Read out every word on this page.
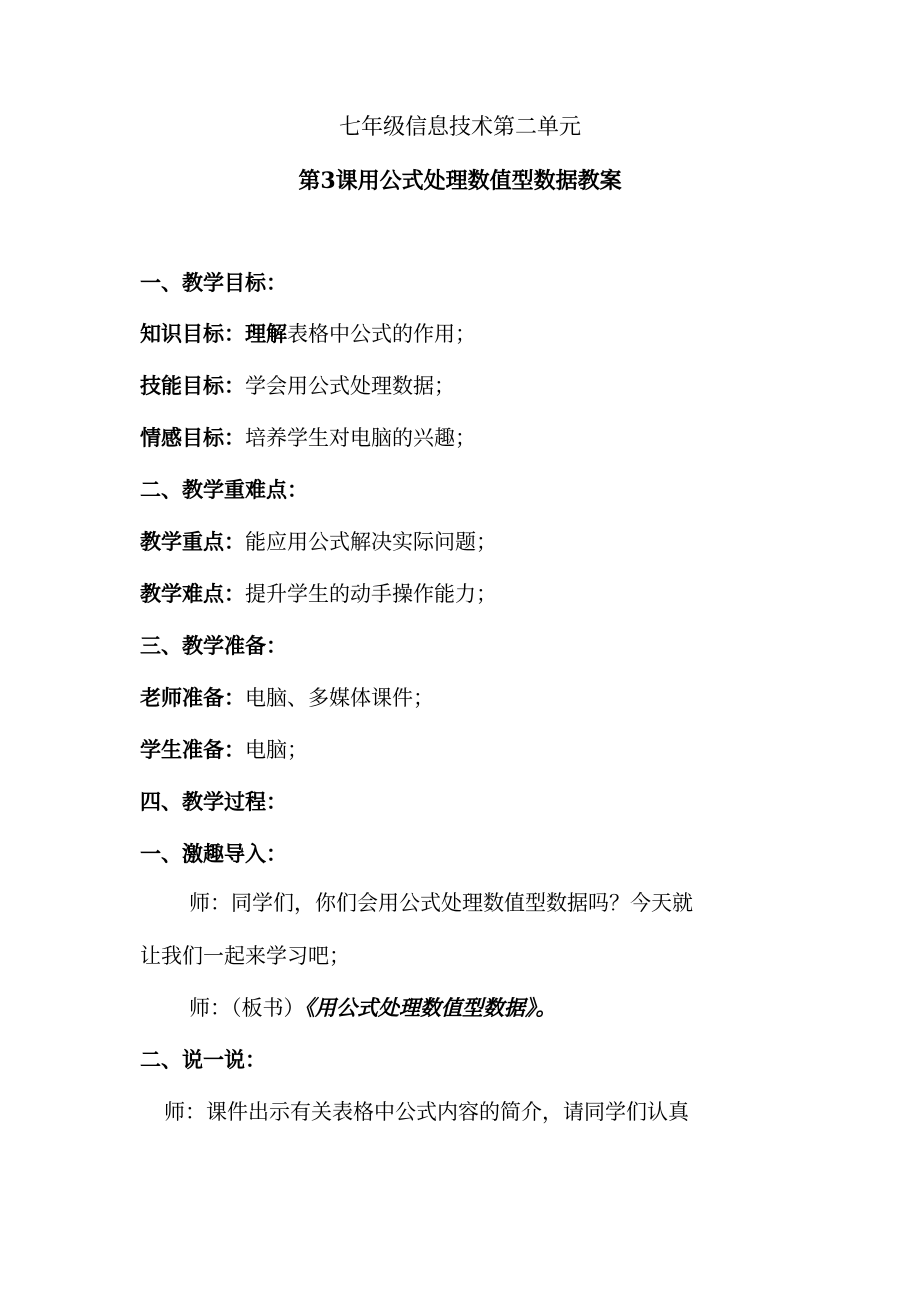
七年级信息技术第二单元
第3课用公式处理数值型数据教案
一、教学目标：
知识目标：理解表格中公式的作用；
技能目标：学会用公式处理数据；
情感目标：培养学生对电脑的兴趣；
二、教学重难点：
教学重点：能应用公式解决实际问题；
教学难点：提升学生的动手操作能力；
三、教学准备：
老师准备：电脑、多媒体课件；
学生准备：电脑；
四、教学过程：
一、激趣导入：
师：同学们，你们会用公式处理数值型数据吗？今天就
让我们一起来学习吧；
师：（板书）《用公式处理数值型数据》。
二、说一说：
师：课件出示有关表格中公式内容的简介，请同学们认真
